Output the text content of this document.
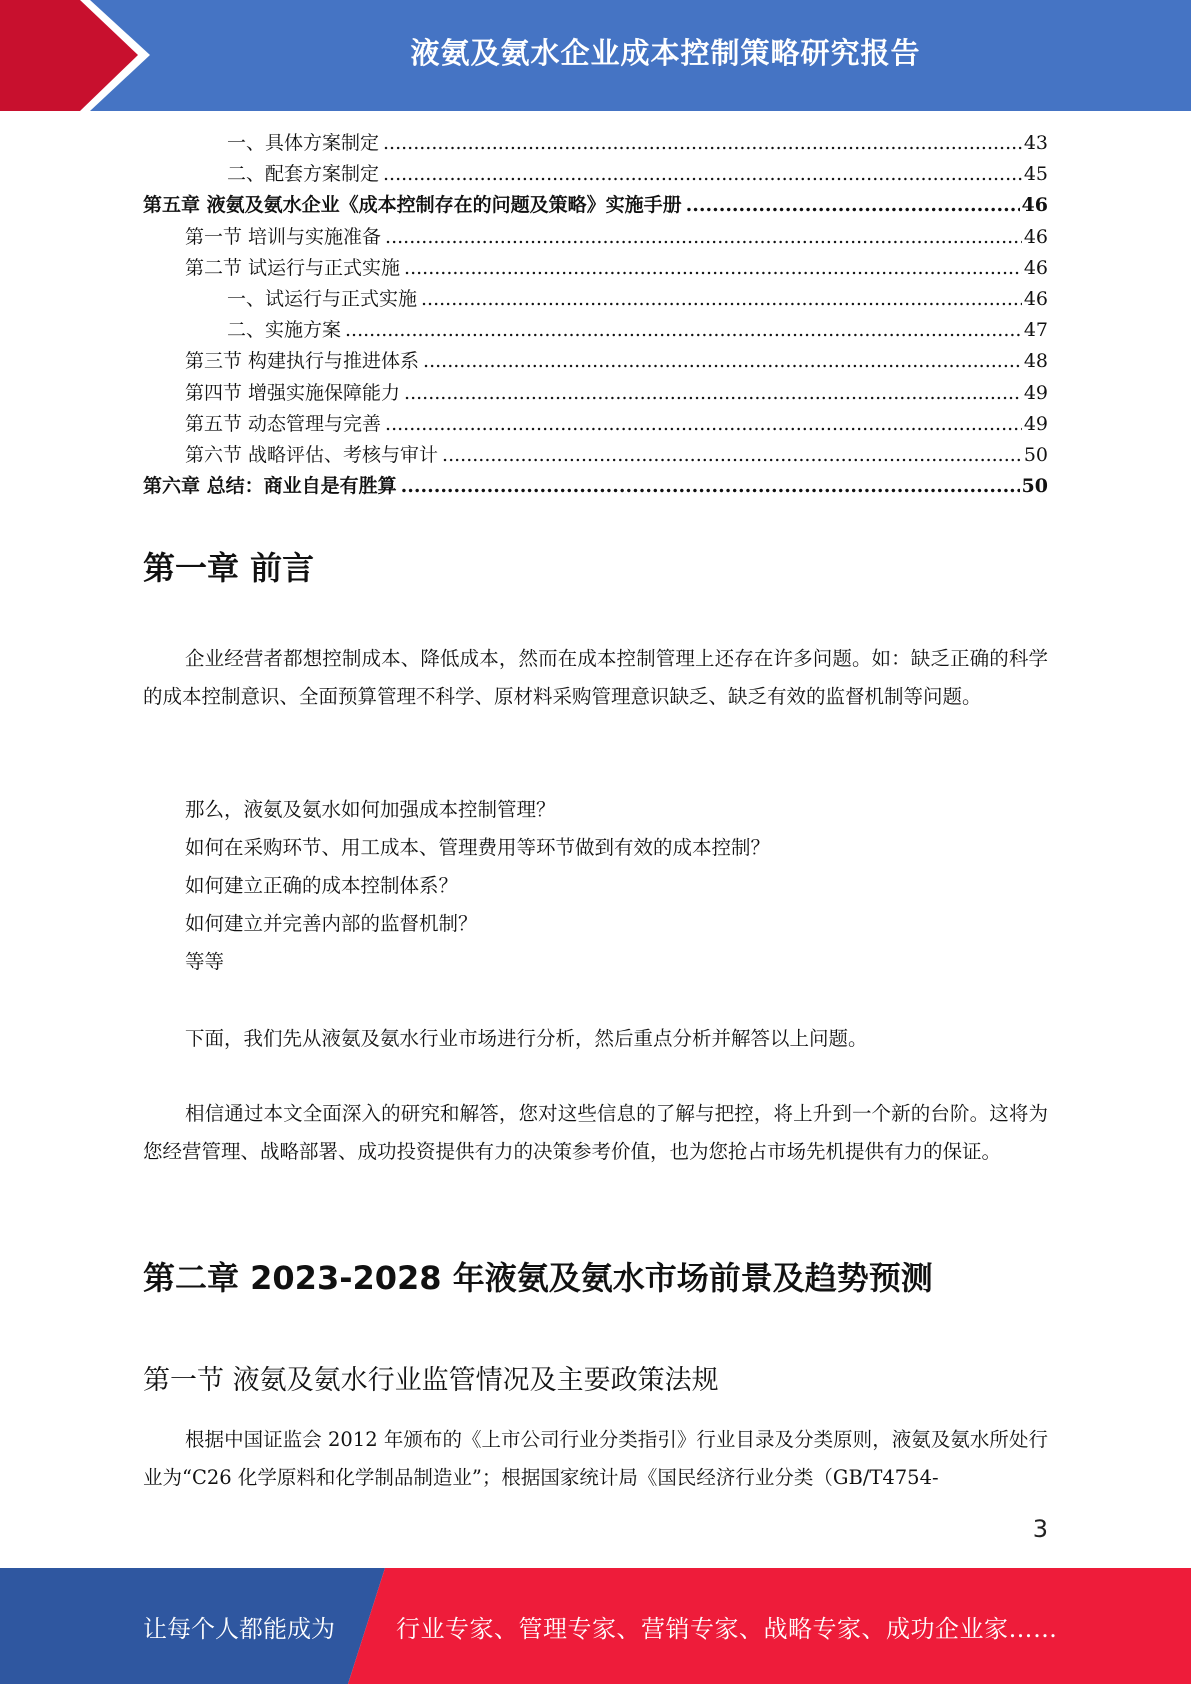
液氨及氨水企业成本控制策略研究报告
一、具体方案制定 .....	43
二、配套方案制定 .....	45
第五章 液氨及氨水企业《成本控制存在的问题及策略》实施手册 .....	46
第一节 培训与实施准备 .....	46
第二节 试运行与正式实施 .....	46
一、试运行与正式实施 .....	46
二、实施方案 .....	47
第三节 构建执行与推进体系 .....	48
第四节 增强实施保障能力 .....	49
第五节 动态管理与完善 .....	49
第六节 战略评估、考核与审计 .....	50
第六章 总结：商业自是有胜算 .....	50
第一章 前言

企业经营者都想控制成本、降低成本，然而在成本控制管理上还存在许多问题。如：缺乏正确的科学的成本控制意识、全面预算管理不科学、原材料采购管理意识缺乏、缺乏有效的监督机制等问题。

那么，液氨及氨水如何加强成本控制管理？
如何在采购环节、用工成本、管理费用等环节做到有效的成本控制？
如何建立正确的成本控制体系？
如何建立并完善内部的监督机制？
等等

下面，我们先从液氨及氨水行业市场进行分析，然后重点分析并解答以上问题。

相信通过本文全面深入的研究和解答，您对这些信息的了解与把控，将上升到一个新的台阶。这将为您经营管理、战略部署、成功投资提供有力的决策参考价值，也为您抢占市场先机提供有力的保证。

第二章 2023-2028 年液氨及氨水市场前景及趋势预测
第一节 液氨及氨水行业监管情况及主要政策法规

根据中国证监会 2012 年颁布的《上市公司行业分类指引》行业目录及分类原则，液氨及氨水所处行业为“C26 化学原料和化学制品制造业”；根据国家统计局《国民经济行业分类（GB/T4754-

3
让每个人都能成为	行业专家、管理专家、营销专家、战略专家、成功企业家……
